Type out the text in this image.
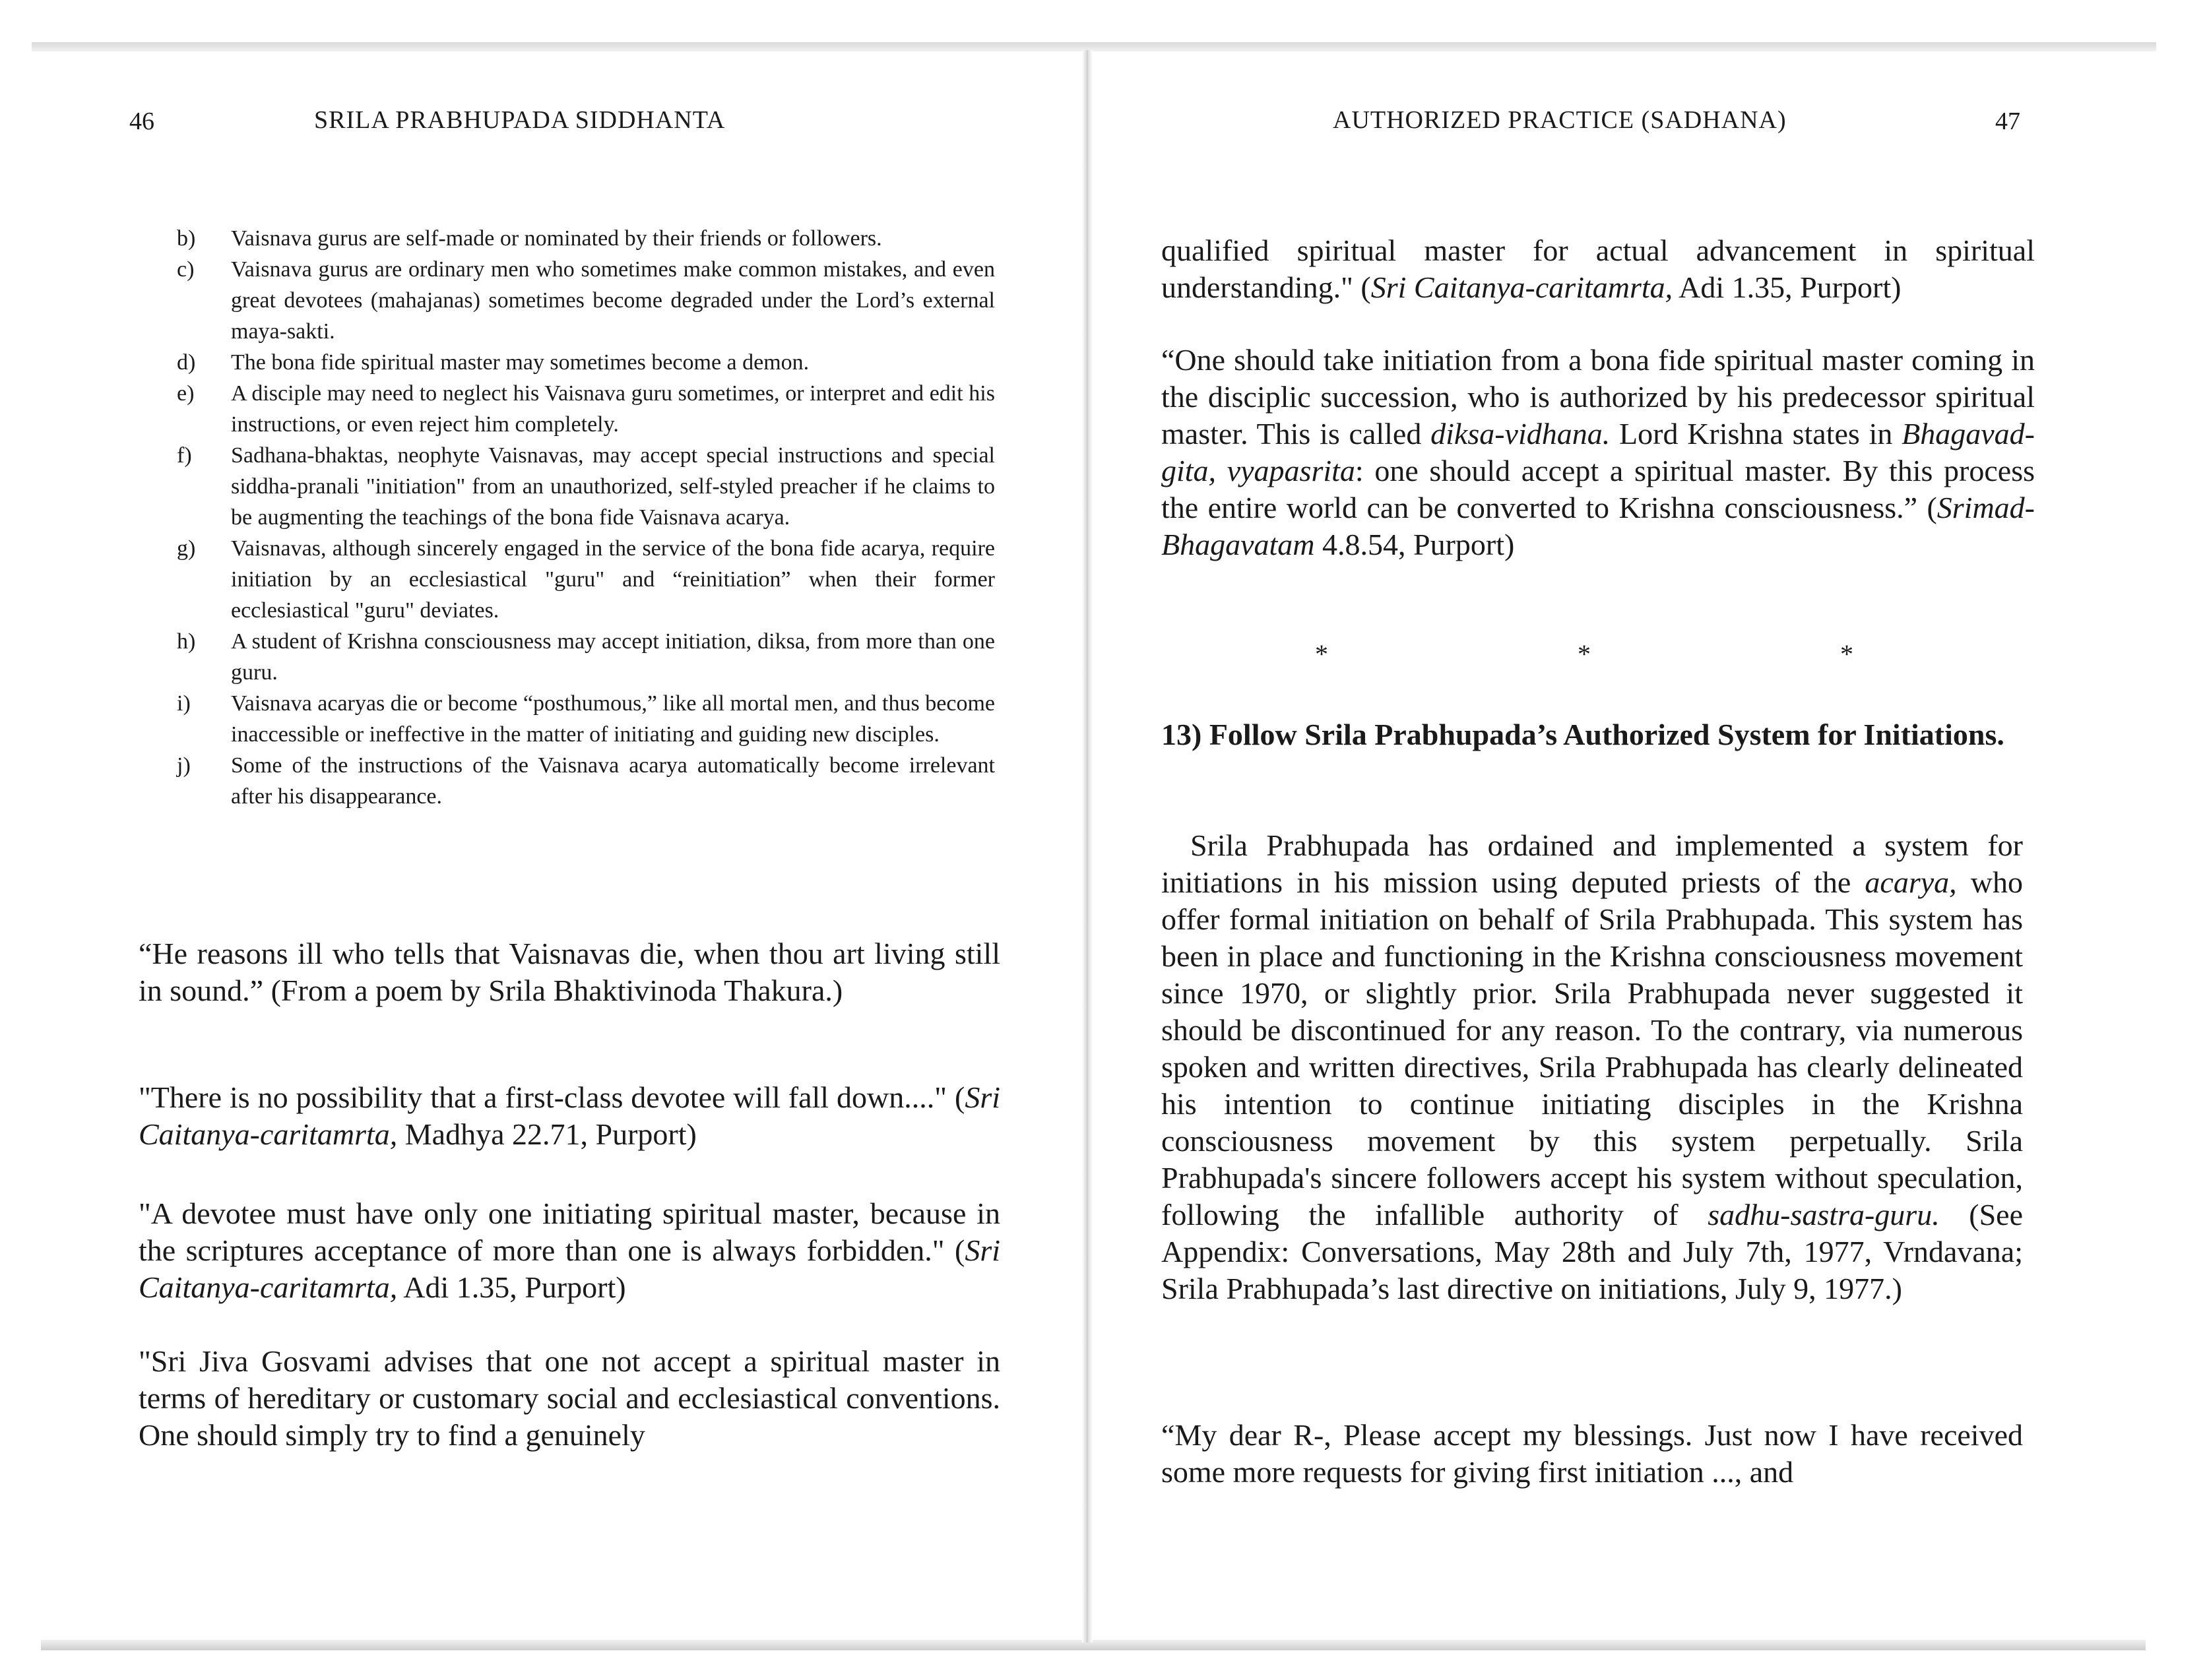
46	SRILA PRABHUPADA SIDDHANTA
b) Vaisnava gurus are self-made or nominated by their friends or followers.
c) Vaisnava gurus are ordinary men who sometimes make common mistakes, and even great devotees (mahajanas) sometimes become degraded under the Lord’s external maya-sakti.
d) The bona fide spiritual master may sometimes become a demon.
e) A disciple may need to neglect his Vaisnava guru sometimes, or interpret and edit his instructions, or even reject him completely.
f) Sadhana-bhaktas, neophyte Vaisnavas, may accept special instructions and special siddha-pranali "initiation" from an unauthorized, self-styled preacher if he claims to be augmenting the teachings of the bona fide Vaisnava acarya.
g) Vaisnavas, although sincerely engaged in the service of the bona fide acarya, require initiation by an ecclesiastical "guru" and “reinitiation” when their former ecclesiastical "guru" deviates.
h) A student of Krishna consciousness may accept initiation, diksa, from more than one guru.
i) Vaisnava acaryas die or become “posthumous,” like all mortal men, and thus become inaccessible or ineffective in the matter of initiating and guiding new disciples.
j) Some of the instructions of the Vaisnava acarya automatically become irrelevant after his disappearance.
“He reasons ill who tells that Vaisnavas die, when thou art living still in sound.” (From a poem by Srila Bhaktivinoda Thakura.)
"There is no possibility that a first-class devotee will fall down...." (Sri Caitanya-caritamrta, Madhya 22.71, Purport)
"A devotee must have only one initiating spiritual master, because in the scriptures acceptance of more than one is always forbidden." (Sri Caitanya-caritamrta, Adi 1.35, Purport)
"Sri Jiva Gosvami advises that one not accept a spiritual master in terms of hereditary or customary social and ecclesiastical conventions. One should simply try to find a genuinely
AUTHORIZED PRACTICE (SADHANA)	47
qualified spiritual master for actual advancement in spiritual understanding." (Sri Caitanya-caritamrta, Adi 1.35, Purport)
“One should take initiation from a bona fide spiritual master coming in the disciplic succession, who is authorized by his predecessor spiritual master. This is called diksa-vidhana. Lord Krishna states in Bhagavad-gita, vyapasrita: one should accept a spiritual master. By this process the entire world can be converted to Krishna consciousness.” (Srimad-Bhagavatam 4.8.54, Purport)
*	*	*
13) Follow Srila Prabhupada’s Authorized System for Initiations.
Srila Prabhupada has ordained and implemented a system for initiations in his mission using deputed priests of the acarya, who offer formal initiation on behalf of Srila Prabhupada. This system has been in place and functioning in the Krishna consciousness movement since 1970, or slightly prior. Srila Prabhupada never suggested it should be discontinued for any reason. To the contrary, via numerous spoken and written directives, Srila Prabhupada has clearly delineated his intention to continue initiating disciples in the Krishna consciousness movement by this system perpetually. Srila Prabhupada's sincere followers accept his system without speculation, following the infallible authority of sadhu-sastra-guru. (See Appendix: Conversations, May 28th and July 7th, 1977, Vrndavana; Srila Prabhupada’s last directive on initiations, July 9, 1977.)
“My dear R-, Please accept my blessings. Just now I have received some more requests for giving first initiation ..., and
